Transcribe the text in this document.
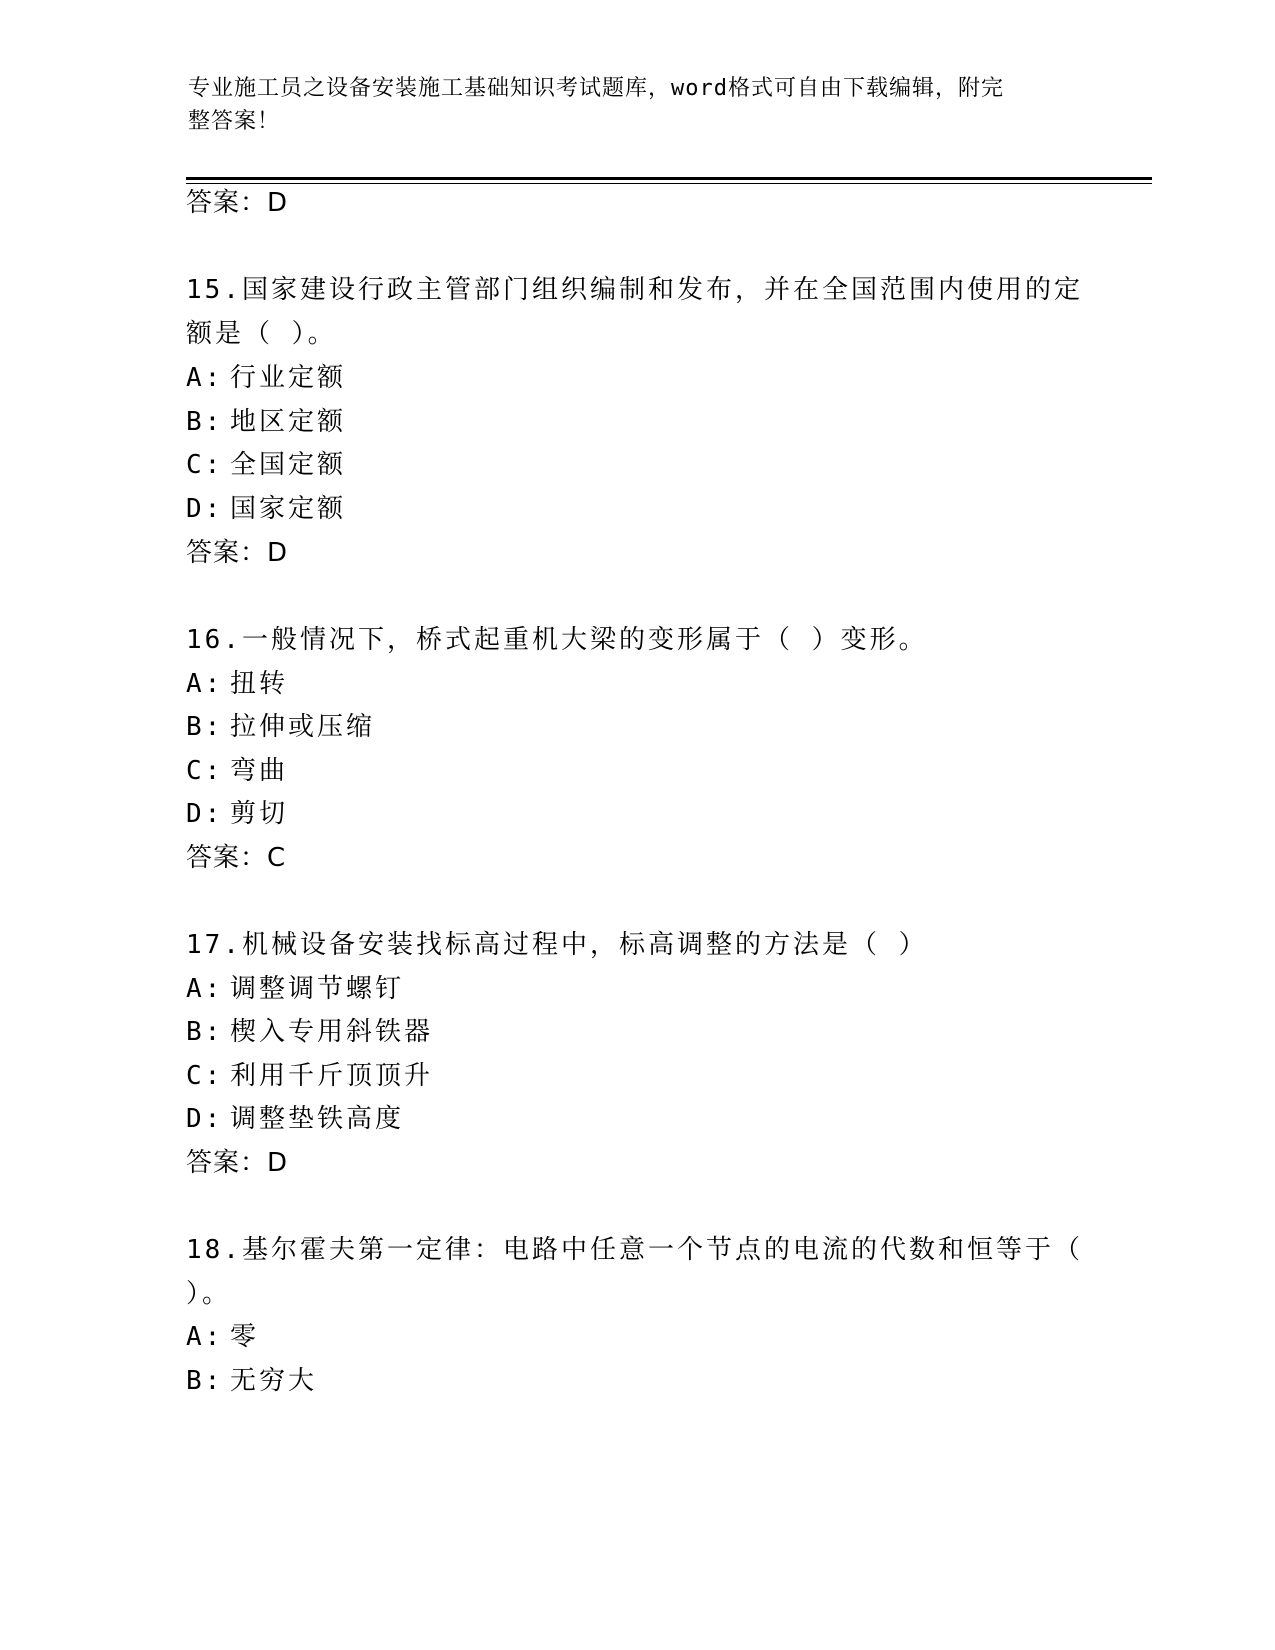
专业施工员之设备安装施工基础知识考试题库，word格式可自由下载编辑，附完
整答案！
答案：D
15.国家建设行政主管部门组织编制和发布，并在全国范围内使用的定
额是（ ）。
A: 行业定额
B: 地区定额
C: 全国定额
D: 国家定额
答案：D
16.一般情况下，桥式起重机大梁的变形属于（ ）变形。
A: 扭转
B: 拉伸或压缩
C: 弯曲
D: 剪切
答案：C
17.机械设备安装找标高过程中，标高调整的方法是（ ）
A: 调整调节螺钉
B: 楔入专用斜铁器
C: 利用千斤顶顶升
D: 调整垫铁高度
答案：D
18.基尔霍夫第一定律：电路中任意一个节点的电流的代数和恒等于（
）。
A: 零
B: 无穷大
